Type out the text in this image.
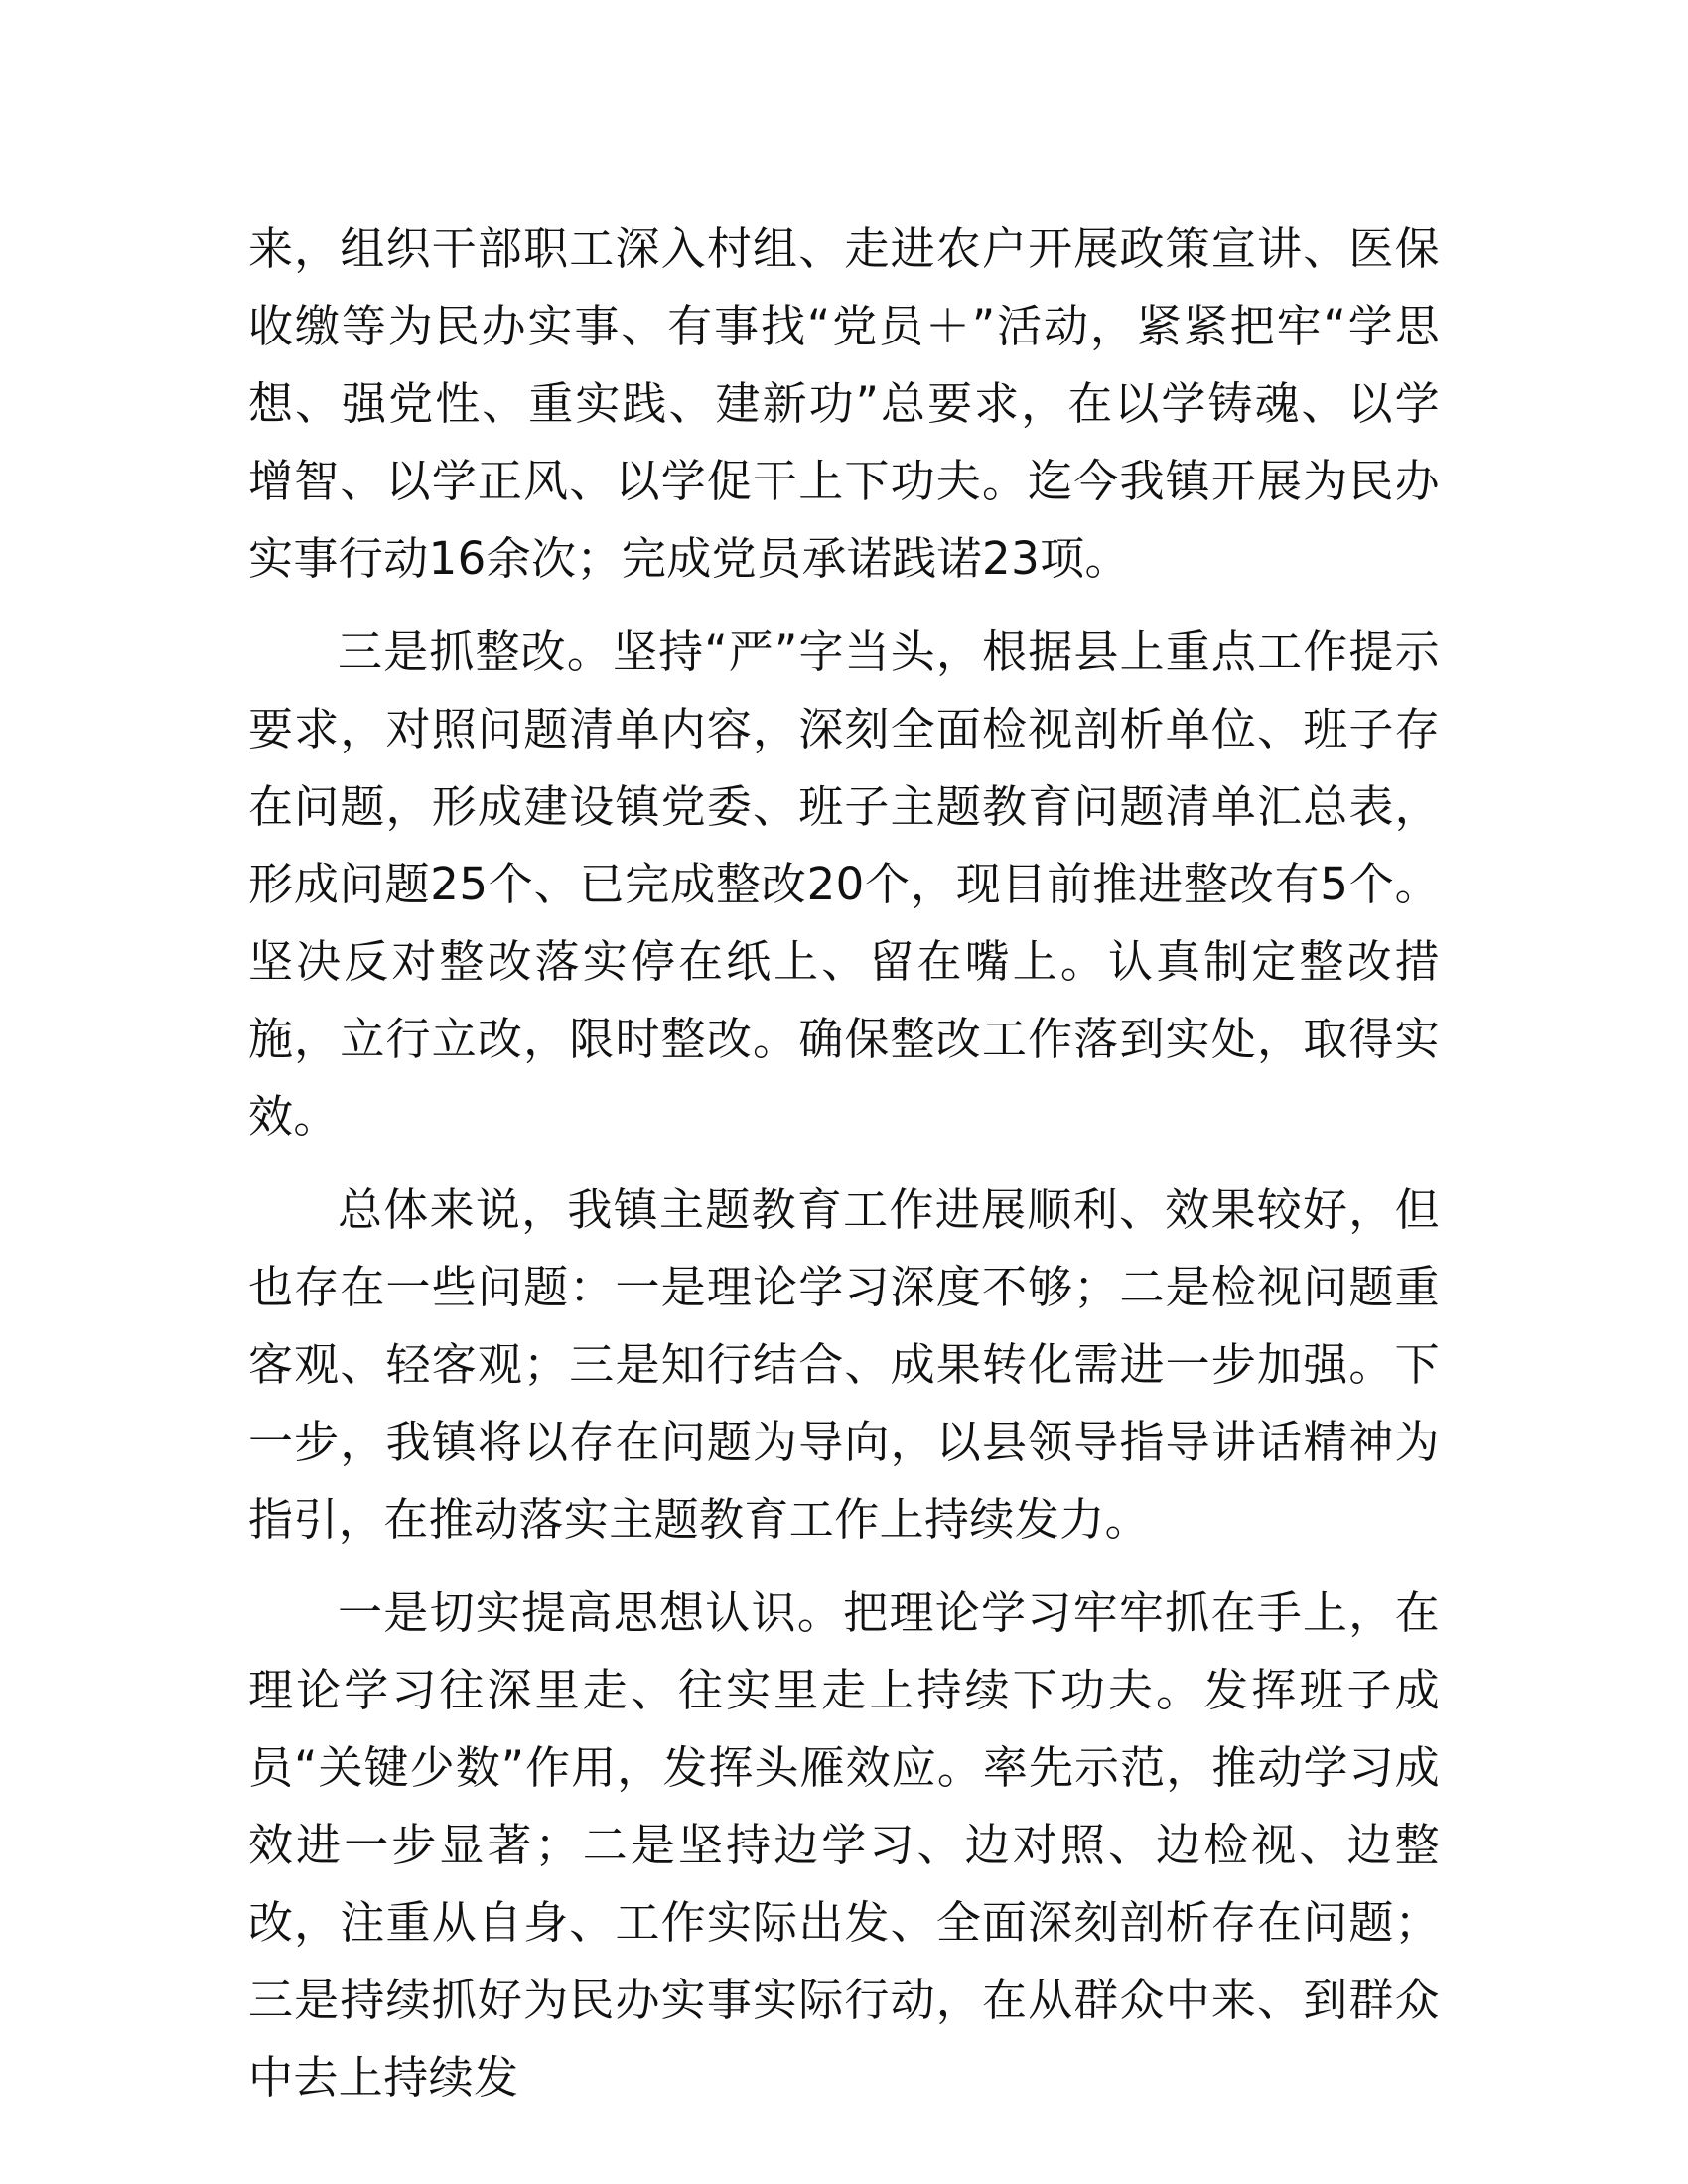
来，组织干部职工深入村组、走进农户开展政策宣讲、医保收缴等为民办实事、有事找“党员＋”活动，紧紧把牢“学思想、强党性、重实践、建新功”总要求，在以学铸魂、以学增智、以学正风、以学促干上下功夫。迄今我镇开展为民办实事行动16余次；完成党员承诺践诺23项。

三是抓整改。坚持“严”字当头，根据县上重点工作提示要求，对照问题清单内容，深刻全面检视剖析单位、班子存在问题，形成建设镇党委、班子主题教育问题清单汇总表，形成问题25个、已完成整改20个，现目前推进整改有5个。坚决反对整改落实停在纸上、留在嘴上。认真制定整改措施，立行立改，限时整改。确保整改工作落到实处，取得实效。

总体来说，我镇主题教育工作进展顺利、效果较好，但也存在一些问题：一是理论学习深度不够；二是检视问题重客观、轻客观；三是知行结合、成果转化需进一步加强。下一步，我镇将以存在问题为导向，以县领导指导讲话精神为指引，在推动落实主题教育工作上持续发力。

一是切实提高思想认识。把理论学习牢牢抓在手上，在理论学习往深里走、往实里走上持续下功夫。发挥班子成员“关键少数”作用，发挥头雁效应。率先示范，推动学习成效进一步显著；二是坚持边学习、边对照、边检视、边整改，注重从自身、工作实际出发、全面深刻剖析存在问题；三是持续抓好为民办实事实际行动，在从群众中来、到群众中去上持续发
